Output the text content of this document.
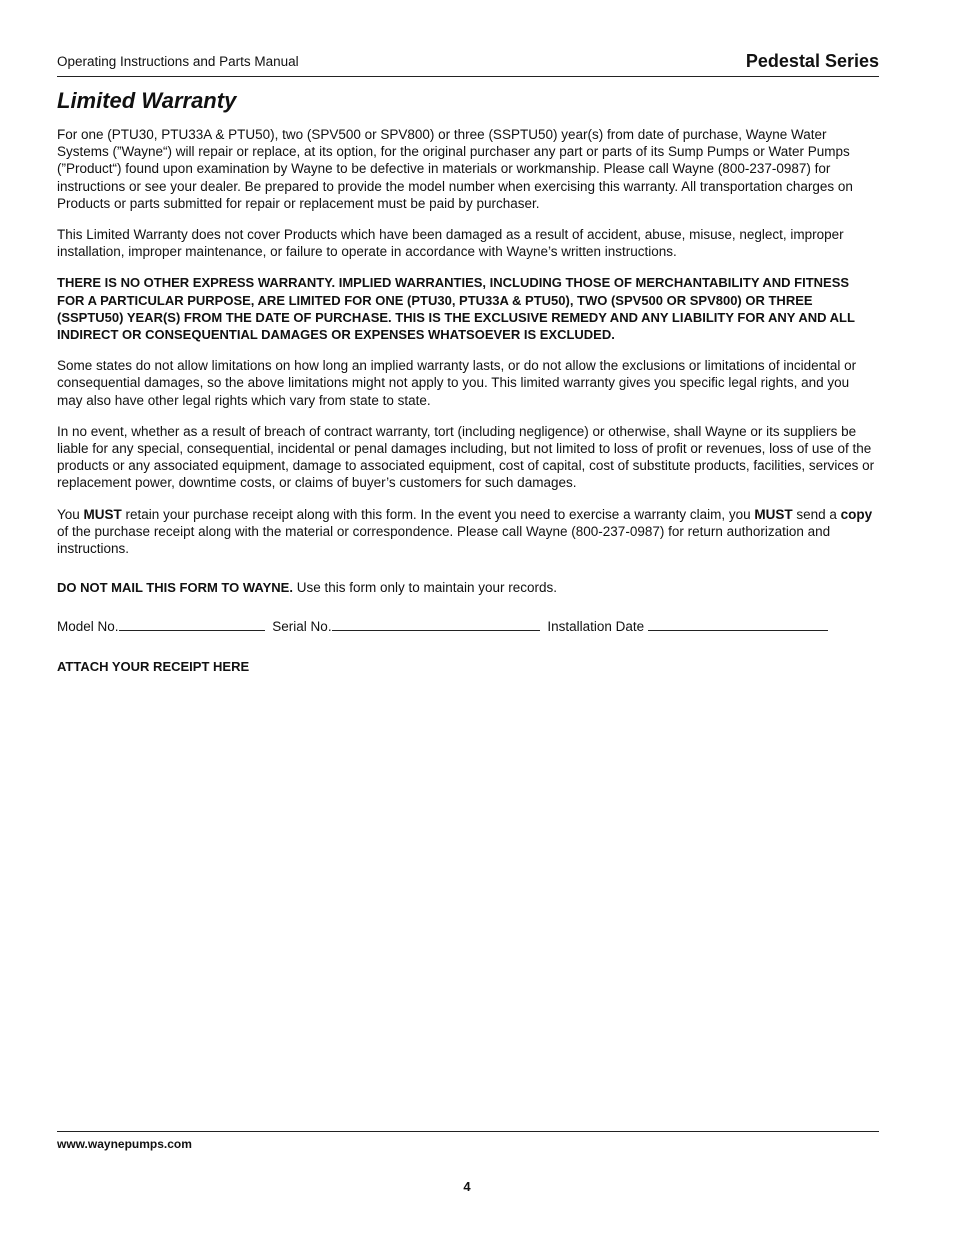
Operating Instructions and Parts Manual	Pedestal Series
Limited Warranty

For one (PTU30, PTU33A & PTU50), two (SPV500 or SPV800) or three (SSPTU50) year(s) from date of purchase, Wayne Water Systems (”Wayne“) will repair or replace, at its option, for the original purchaser any part or parts of its Sump Pumps or Water Pumps (”Product“) found upon examination by Wayne to be defective in materials or workmanship. Please call Wayne (800-237-0987) for instructions or see your dealer. Be prepared to provide the model number when exercising this warranty. All transportation charges on Products or parts submitted for repair or replacement must be paid by purchaser.

This Limited Warranty does not cover Products which have been damaged as a result of accident, abuse, misuse, neglect, improper installation, improper maintenance, or failure to operate in accordance with Wayne’s written instructions.

THERE IS NO OTHER EXPRESS WARRANTY. IMPLIED WARRANTIES, INCLUDING THOSE OF MERCHANTABILITY AND FITNESS FOR A PARTICULAR PURPOSE, ARE LIMITED FOR ONE (PTU30, PTU33A & PTU50), TWO (SPV500 OR SPV800) OR THREE (SSPTU50) YEAR(S) FROM THE DATE OF PURCHASE. THIS IS THE EXCLUSIVE REMEDY AND ANY LIABILITY FOR ANY AND ALL INDIRECT OR CONSEQUENTIAL DAMAGES OR EXPENSES WHATSOEVER IS EXCLUDED.

Some states do not allow limitations on how long an implied warranty lasts, or do not allow the exclusions or limitations of incidental or consequential damages, so the above limitations might not apply to you. This limited warranty gives you specific legal rights, and you may also have other legal rights which vary from state to state.

In no event, whether as a result of breach of contract warranty, tort (including negligence) or otherwise, shall Wayne or its suppliers be liable for any special, consequential, incidental or penal damages including, but not limited to loss of profit or revenues, loss of use of the products or any associated equipment, damage to associated equipment, cost of capital, cost of substitute products, facilities, services or replacement power, downtime costs, or claims of buyer’s customers for such damages.

You MUST retain your purchase receipt along with this form. In the event you need to exercise a warranty claim, you MUST send a copy of the purchase receipt along with the material or correspondence. Please call Wayne (800-237-0987) for return authorization and instructions.

DO NOT MAIL THIS FORM TO WAYNE. Use this form only to maintain your records.

Model No.	Serial No.	Installation Date
ATTACH YOUR RECEIPT HERE
www.waynepumps.com
4
